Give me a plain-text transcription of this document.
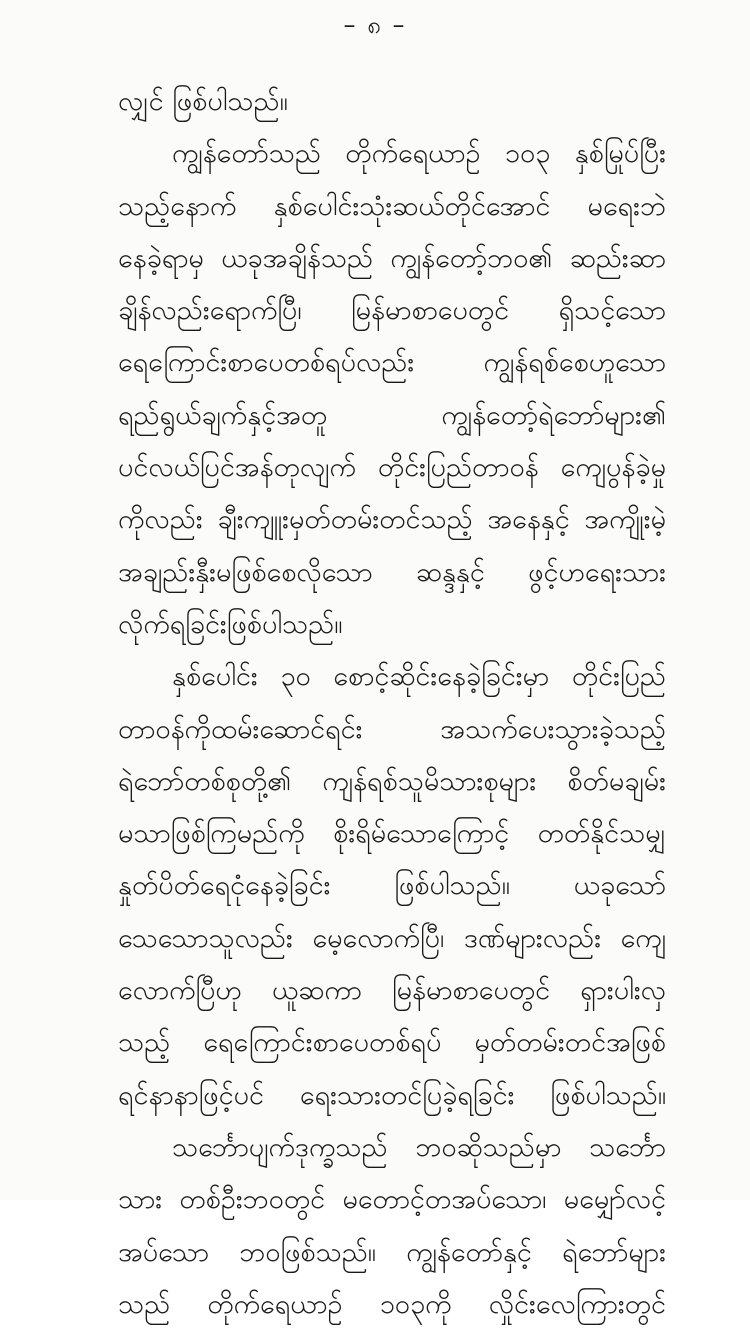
– ၈ –
လျှင် ဖြစ်ပါသည်။
ကျွန်တော်သည် တိုက်ရေယာဉ် ၁၀၃ နှစ်မြုပ်ပြီး
သည့်နောက် နှစ်ပေါင်းသုံးဆယ်တိုင်အောင် မရေးဘဲ
နေခဲ့ရာမှ ယခုအချိန်သည် ကျွန်တော့်ဘ၀၏ ဆည်းဆာ
ချိန်လည်းရောက်ပြီ၊ မြန်မာစာပေတွင် ရှိသင့်သော
ရေကြောင်းစာပေတစ်ရပ်လည်း ကျွန်ရစ်စေဟူသော
ရည်ရွယ်ချက်နှင့်အတူ ကျွန်တော့်ရဲဘော်များ၏
ပင်လယ်ပြင်အန်တုလျက် တိုင်းပြည်တာ၀န် ကျေပွန်ခဲ့မှု
ကိုလည်း ချီးကျူးမှတ်တမ်းတင်သည့် အနေနှင့် အကျိုးမဲ့
အချည်းနှီးမဖြစ်စေလိုသော ဆန္ဒနှင့် ဖွင့်ဟရေးသား
လိုက်ရခြင်းဖြစ်ပါသည်။
နှစ်ပေါင်း ၃၀ စောင့်ဆိုင်းနေခဲ့ခြင်းမှာ တိုင်းပြည်
တာ၀န်ကိုထမ်းဆောင်ရင်း အသက်ပေးသွားခဲ့သည့်
ရဲဘော်တစ်စုတို့၏ ကျန်ရစ်သူမိသားစုများ စိတ်မချမ်း
မသာဖြစ်ကြမည်ကို စိုးရိမ်သောကြောင့် တတ်နိုင်သမျှ
နှုတ်ပိတ်ရေငုံနေခဲ့ခြင်း ဖြစ်ပါသည်။ ယခုသော်
သေသောသူလည်း မေ့လောက်ပြီ၊ ဒဏ်များလည်း ကျေ
လောက်ပြီဟု ယူဆကာ မြန်မာစာပေတွင် ရှားပါးလှ
သည့် ရေကြောင်းစာပေတစ်ရပ် မှတ်တမ်းတင်အဖြစ်
ရင်နာနာဖြင့်ပင် ရေးသားတင်ပြခဲ့ရခြင်း ဖြစ်ပါသည်။
သင်္ဘောပျက်ဒုက္ခသည် ဘ၀ဆိုသည်မှာ သင်္ဘော
သား တစ်ဦးဘ၀တွင် မတောင့်တအပ်သော၊ မမျှော်လင့်
အပ်သော ဘ၀ဖြစ်သည်။ ကျွန်တော်နှင့် ရဲဘော်များ
သည် တိုက်ရေယာဉ် ၁၀၃ကို လှိုင်းလေကြားတွင်
